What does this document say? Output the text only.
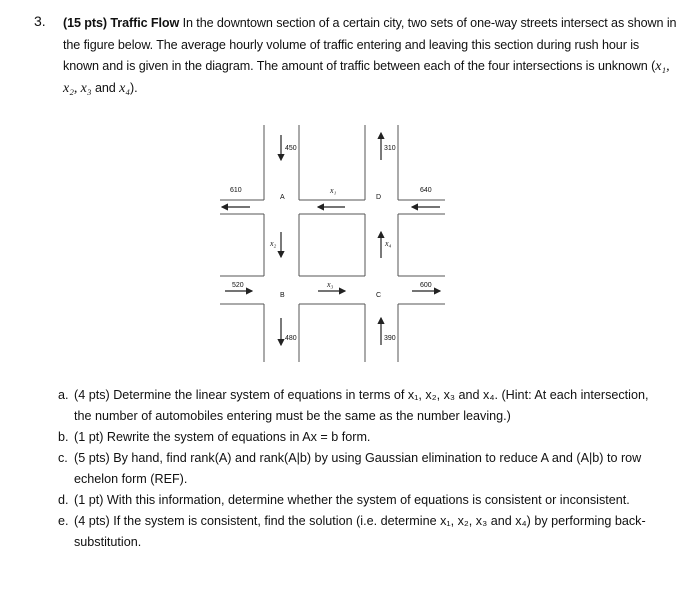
3. (15 pts) Traffic Flow In the downtown section of a certain city, two sets of one-way streets intersect as shown in the figure below. The average hourly volume of traffic entering and leaving this section during rush hour is known and is given in the diagram. The amount of traffic between each of the four intersections is unknown (x₁, x₂, x₃ and x₄).
450	310
610	640
520	600
480	390
A	D
B	C
x₁
x₂	x₄
x₃
a. (4 pts) Determine the linear system of equations in terms of x₁, x₂, x₃ and x₄. (Hint: At each intersection, the number of automobiles entering must be the same as the number leaving.)
b. (1 pt) Rewrite the system of equations in Ax = b form.
c. (5 pts) By hand, find rank(A) and rank(A|b) by using Gaussian elimination to reduce A and (A|b) to row echelon form (REF).
d. (1 pt) With this information, determine whether the system of equations is consistent or inconsistent.
e. (4 pts) If the system is consistent, find the solution (i.e. determine x₁, x₂, x₃ and x₄) by performing back-substitution.
